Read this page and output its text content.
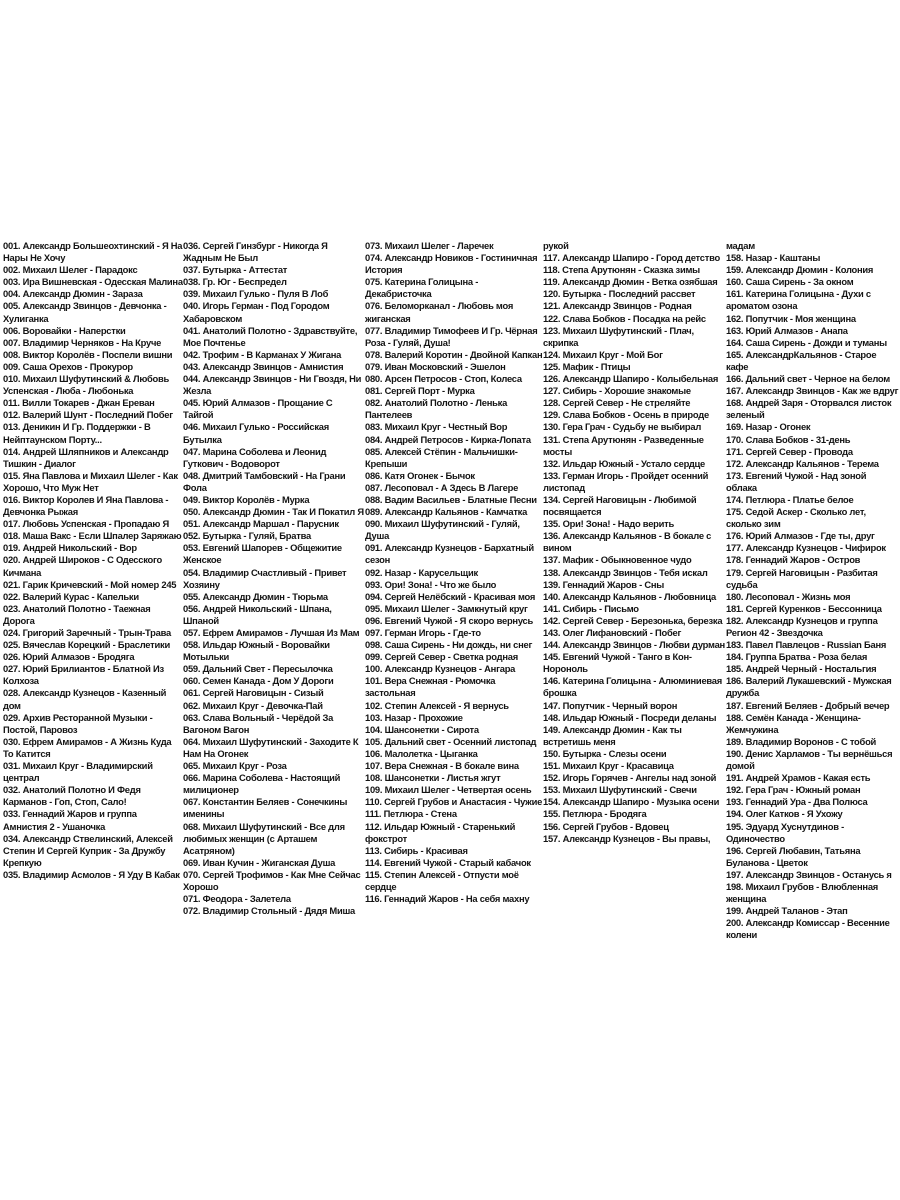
001. Александр Большеохтинский - Я На Нары Не Хочу
002. Михаил Шелег - Парадокс
003. Ира Вишневская - Одесская Малина
004. Александр Дюмин - Зараза
005. Александр Звинцов - Девчонка - Хулиганка
006. Воровайки - Наперстки
007. Владимир Черняков - На Круче
008. Виктор Королёв - Поспели вишни
009. Саша Орехов - Прокурор
010. Михаил Шуфутинский & Любовь Успенская - Люба - Любонька
011. Вилли Токарев - Джан Ереван
012. Валерий Шунт - Последний Побег
013. Деникин И Гр. Поддержки - В Нейптаунском Порту...
014. Андрей Шляпников и Александр Тишкин - Диалог
015. Яна Павлова и Михаил Шелег - Как Хорошо, Что Муж Нет
016. Виктор Королев И Яна Павлова - Девчонка Рыжая
017. Любовь Успенская - Пропадаю Я
018. Маша Вакс - Если Шпалер Заряжаю
019. Андрей Никольский - Вор
020. Андрей Широков - С Одесского Кичмана
021. Гарик Кричевский - Мой номер 245
022. Валерий Курас - Капельки
023. Анатолий Полотно - Таежная Дорога
024. Григорий Заречный - Трын-Трава
025. Вячеслав Корецкий - Браслетики
026. Юрий Алмазов - Бродяга
027. Юрий Брилиантов - Блатной Из Колхоза
028. Александр Кузнецов - Казенный дом
029. Архив Ресторанной Музыки - Постой, Паровоз
030. Ефрем Амирамов - А Жизнь Куда То Катится
031. Михаил Круг - Владимирский централ
032. Анатолий Полотно И Федя Карманов - Гоп, Стоп, Сало!
033. Геннадий Жаров и группа Амнистия 2 - Ушаночка
034. Александр Ствелинский, Алексей Степин И Сергей Куприк - За Дружбу Крепкую
035. Владимир Асмолов - Я Уду В Кабак
036. Сергей Гинзбург - Никогда Я Жадным Не Был
037. Бутырка - Аттестат
038. Гр. Юг - Беспредел
039. Михаил Гулько - Пуля В Лоб
040. Игорь Герман - Под Городом Хабаровском
041. Анатолий Полотно - Здравствуйте, Мое Почтенье
042. Трофим - В Карманах У Жигана
043. Александр Звинцов - Амнистия
044. Александр Звинцов - Ни Гвоздя, Ни Жезла
045. Юрий Алмазов - Прощание С Тайгой
046. Михаил Гулько - Российская Бутылка
047. Марина Соболева и Леонид Гуткович - Водоворот
048. Дмитрий Тамбовский - На Грани Фола
049. Виктор Королёв - Мурка
050. Александр Дюмин - Так И Покатил Я
051. Александр Маршал - Парусник
052. Бутырка - Гуляй, Братва
053. Евгений Шапорев - Общежитие Женское
054. Владимир Счастливый - Привет Хозяину
055. Александр Дюмин - Тюрьма
056. Андрей Никольский - Шпана, Шпаной
057. Ефрем Амирамов - Лучшая Из Мам
058. Ильдар Южный - Воровайки Мотыльки
059. Дальний Свет - Пересылочка
060. Семен Канада - Дом У Дороги
061. Сергей Наговицын - Сизый
062. Михаил Круг - Девочка-Пай
063. Слава Вольный - Черёдой За Вагоном Вагон
064. Михаил Шуфутинский - Заходите К Нам На Огонек
065. Михаил Круг - Роза
066. Марина Соболева - Настоящий милиционер
067. Константин Беляев - Сонечкины именины
068. Михаил Шуфутинский - Все для любимых женщин (с Арташем Асатряном)
069. Иван Кучин - Жиганская Душа
070. Сергей Трофимов - Как Мне Сейчас Хорошо
071. Феодора - Залетела
072. Владимир Стольный - Дядя Миша
073. Михаил Шелег - Ларечек
074. Александр Новиков - Гостиничная История
075. Катерина Голицына - Декабристочка
076. Беломорканал - Любовь моя жиганская
077. Владимир Тимофеев И Гр. Чёрная Роза - Гуляй, Душа!
078. Валерий Коротин - Двойной Капкан
079. Иван Московский - Эшелон
080. Арсен Петросов - Стоп, Колеса
081. Сергей Порт - Мурка
082. Анатолий Полотно - Ленька Пантелеев
083. Михаил Круг - Честный Вор
084. Андрей Петросов - Кирка-Лопата
085. Алексей Стёпин - Мальчишки-Крепыши
086. Катя Огонек - Бычок
087. Лесоповал - А Здесь В Лагере
088. Вадим Васильев - Блатные Песни
089. Александр Кальянов - Камчатка
090. Михаил Шуфутинский - Гуляй, Душа
091. Александр Кузнецов - Бархатный сезон
092. Назар - Карусельщик
093. Ори! Зона! - Что же было
094. Сергей Нелёбский - Красивая моя
095. Михаил Шелег - Замкнутый круг
096. Евгений Чужой - Я скоро вернусь
097. Герман Игорь - Где-то
098. Саша Сирень - Ни дождь, ни снег
099. Сергей Север - Светка родная
100. Александр Кузнецов - Ангара
101. Вера Снежная - Рюмочка застольная
102. Степин Алексей - Я вернусь
103. Назар - Прохожие
104. Шансонетки - Сирота
105. Дальний свет - Осенний листопад
106. Малолетка - Цыганка
107. Вера Снежная - В бокале вина
108. Шансонетки - Листья жгут
109. Михаил Шелег - Четвертая осень
110. Сергей Грубов и Анастасия - Чужие
111. Петлюра - Стена
112. Ильдар Южный - Старенький фокстрот
113. Сибирь - Красивая
114. Евгений Чужой - Старый кабачок
115. Степин Алексей - Отпусти моё сердце
116. Геннадий Жаров - На себя махну
рукой
117. Александр Шапиро - Город детство
118. Степа Арутюнян - Сказка зимы
119. Александр Дюмин - Ветка озябшая
120. Бутырка - Последний рассвет
121. Александр Звинцов - Родная
122. Слава Бобков - Посадка на рейс
123. Михаил Шуфутинский - Плач, скрипка
124. Михаил Круг - Мой Бог
125. Мафик - Птицы
126. Александр Шапиро - Колыбельная
127. Сибирь - Хорошие знакомые
128. Сергей Север - Не стреляйте
129. Слава Бобков - Осень в природе
130. Гера Грач - Судьбу не выбирал
131. Степа Арутюнян - Разведенные мосты
132. Ильдар Южный - Устало сердце
133. Герман Игорь - Пройдет осенний листопад
134. Сергей Наговицын - Любимой посвящается
135. Ори! Зона! - Надо верить
136. Александр Кальянов - В бокале с вином
137. Мафик - Обыкновенное чудо
138. Александр Звинцов - Тебя искал
139. Геннадий Жаров - Сны
140. Александр Кальянов - Любовница
141. Сибирь - Письмо
142. Сергей Север - Березонька, березка
143. Олег Лифановский - Побег
144. Александр Звинцов - Любви дурман
145. Евгений Чужой - Танго в Кон-Нороноль
146. Катерина Голицына - Алюминиевая брошка
147. Попутчик - Черный ворон
148. Ильдар Южный - Посреди деланы
149. Александр Дюмин - Как ты встретишь меня
150. Бутырка - Слезы осени
151. Михаил Круг - Красавица
152. Игорь Горячев - Ангелы над зоной
153. Михаил Шуфутинский - Свечи
154. Александр Шапиро - Музыка осени
155. Петлюра - Бродяга
156. Сергей Грубов - Вдовец
157. Александр Кузнецов - Вы правы,
мадам
158. Назар - Каштаны
159. Александр Дюмин - Колония
160. Саша Сирень - За окном
161. Катерина Голицына - Духи с ароматом озона
162. Попутчик - Моя женщина
163. Юрий Алмазов - Анапа
164. Саша Сирень - Дожди и туманы
165. АлександрКальянов - Старое кафе
166. Дальний свет - Черное на белом
167. Александр Звинцов - Как же вдруг
168. Андрей Заря - Оторвался листок зеленый
169. Назар - Огонек
170. Слава Бобков - 31-день
171. Сергей Север - Провода
172. Александр Кальянов - Терема
173. Евгений Чужой - Над зоной облака
174. Петлюра - Платье белое
175. Седой Аскер - Сколько лет, сколько зим
176. Юрий Алмазов - Где ты, друг
177. Александр Кузнецов - Чифирок
178. Геннадий Жаров - Остров
179. Сергей Наговицын - Разбитая судьба
180. Лесоповал - Жизнь моя
181. Сергей Куренков - Бессонница
182. Александр Кузнецов и группа Регион 42 - Звездочка
183. Павел Павлецов - Russian Баня
184. Группа Братва - Роза белая
185. Андрей Черный - Ностальгия
186. Валерий Лукашевский - Мужская дружба
187. Евгений Беляев - Добрый вечер
188. Семён Канада - Женщина-Жемчужина
189. Владимир Воронов - С тобой
190. Денис Харламов - Ты вернёшься домой
191. Андрей Храмов - Какая есть
192. Гера Грач - Южный роман
193. Геннадий Ура - Два Полюса
194. Олег Катков - Я Ухожу
195. Эдуард Хуснутдинов - Одиночество
196. Сергей Любавин, Татьяна Буланова - Цветок
197. Александр Звинцов - Останусь я
198. Михаил Грубов - Влюбленная женщина
199. Андрей Таланов - Этап
200. Александр Комиссар - Весенние колени
